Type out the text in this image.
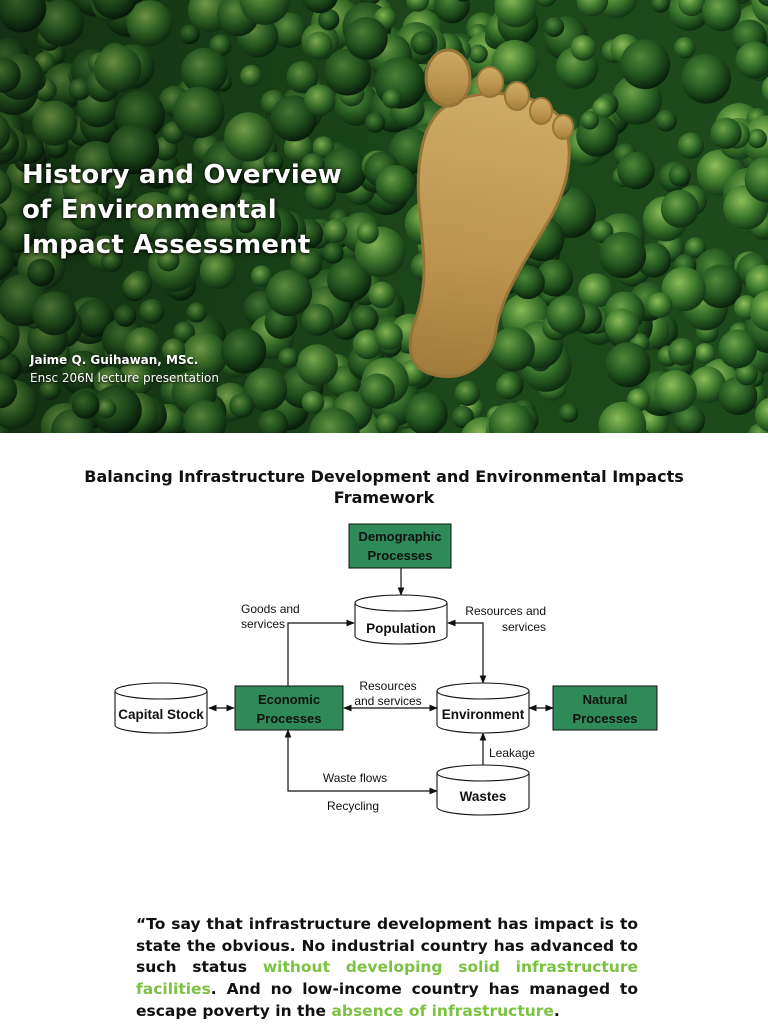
History and Overview
of Environmental
Impact Assessment
Jaime Q. Guihawan, MSc.
Ensc 206N lecture presentation
Balancing Infrastructure Development and Environmental Impacts Framework
Demographic
Processes
Economic
Processes
Natural
Processes
Population
Capital Stock	Environment
Wastes
Goods and
services
Resources and
services
Resources
and services
Waste flows
Recycling
Leakage
“To say that infrastructure development has impact is to state the obvious. No industrial country has advanced to such status without developing solid infrastructure facilities. And no low-income country has managed to escape poverty in the absence of infrastructure.
